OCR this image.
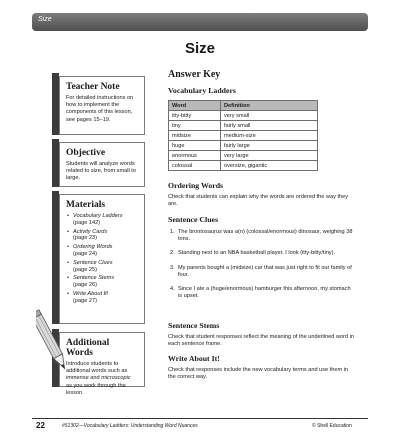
Size
Size
Teacher Note
For detailed instructions on how to implement the components of this lesson, see pages 15–19.
Objective
Students will analyze words related to size, from small to large.
Materials
• Vocabulary Ladders
(page 142)
• Activity Cards
(page 23)
• Ordering Words
(page 24)
• Sentence Clues
(page 25)
• Sentence Stems
(page 26)
• Write About It!
(page 27)
Additional Words
Introduce students to additional words such as immense and microscopic as you work through the lesson.
Answer Key
Vocabulary Ladders
Word	Definition
itty-bitty	very small
tiny	fairly small
midsize	medium-size
huge	fairly large
enormous	very large
colossal	oversize, gigantic
Ordering Words
Check that students can explain why the words are ordered the way they are.
Sentence Clues
1. The brontosaurus was a(n) (colossal/enormous) dinosaur, weighing 38 tons.
2. Standing next to an NBA basketball player, I look (itty-bitty/tiny).
3. My parents bought a (midsize) car that was just right to fit our family of four.
4. Since I ate a (huge/enormous) hamburger this afternoon, my stomach is upset.
Sentence Stems
Check that student responses reflect the meaning of the underlined word in each sentence frame.
Write About It!
Check that responses include the new vocabulary terms and use them in the correct way.
22	#51302—Vocabulary Ladders: Understanding Word Nuances	© Shell Education
